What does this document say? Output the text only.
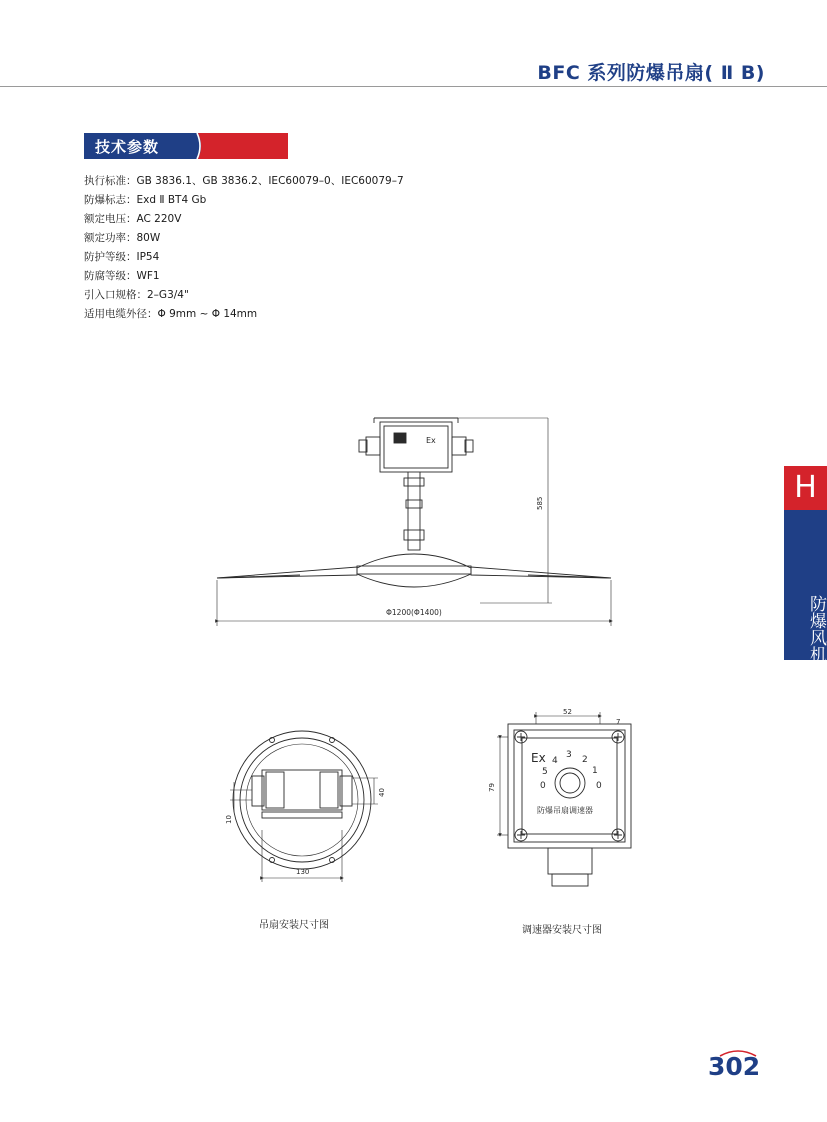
BFC 系列防爆吊扇( Ⅱ B)
技术参数
执行标准：GB 3836.1、GB 3836.2、IEC60079–0、IEC60079–7
防爆标志：Exd Ⅱ BT4 Gb
额定电压：AC 220V
额定功率：80W
防护等级：IP54
防腐等级：WF1
引入口规格：2–G3/4"
适用电缆外径：Φ 9mm ~ Φ 14mm
H
防爆风机类
Ex
585
Φ1200(Φ1400)
130
40
10
Ex
52
7
79	0
5
4
3 2
1
0
防爆吊扇调速器
吊扇安装尺寸图	调速器安装尺寸图
302
